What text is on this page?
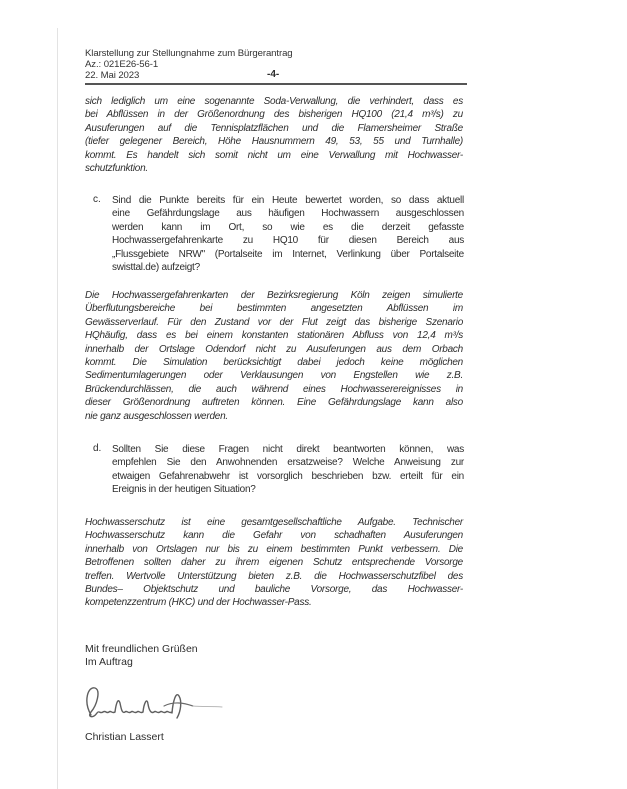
Klarstellung zur Stellungnahme zum Bürgerantrag
Az.: 021E26-56-1
22. Mai 2023	-4-
sich lediglich um eine sogenannte Soda-Verwallung, die verhindert, dass es
bei Abflüssen in der Größenordnung des bisherigen HQ100 (21,4 m³/s) zu
Ausuferungen auf die Tennisplatzflächen und die Flamersheimer Straße
(tiefer gelegener Bereich, Höhe Hausnummern 49, 53, 55 und Turnhalle)
kommt. Es handelt sich somit nicht um eine Verwallung mit Hochwasser-
schutzfunktion.
c. Sind die Punkte bereits für ein Heute bewertet worden, so dass aktuell
eine Gefährdungslage aus häufigen Hochwassern ausgeschlossen
werden kann im Ort, so wie es die derzeit gefasste
Hochwassergefahrenkarte zu HQ10 für diesen Bereich aus
„Flussgebiete NRW" (Portalseite im Internet, Verlinkung über Portalseite
swisttal.de) aufzeigt?
Die Hochwassergefahrenkarten der Bezirksregierung Köln zeigen simulierte
Überflutungsbereiche bei bestimmten angesetzten Abflüssen im
Gewässerverlauf. Für den Zustand vor der Flut zeigt das bisherige Szenario
HQhäufig, dass es bei einem konstanten stationären Abfluss von 12,4 m³/s
innerhalb der Ortslage Odendorf nicht zu Ausuferungen aus dem Orbach
kommt. Die Simulation berücksichtigt dabei jedoch keine möglichen
Sedimentumlagerungen oder Verklausungen von Engstellen wie z.B.
Brückendurchlässen, die auch während eines Hochwasserereignisses in
dieser Größenordnung auftreten können. Eine Gefährdungslage kann also
nie ganz ausgeschlossen werden.
d. Sollten Sie diese Fragen nicht direkt beantworten können, was
empfehlen Sie den Anwohnenden ersatzweise? Welche Anweisung zur
etwaigen Gefahrenabwehr ist vorsorglich beschrieben bzw. erteilt für ein
Ereignis in der heutigen Situation?
Hochwasserschutz ist eine gesamtgesellschaftliche Aufgabe. Technischer
Hochwasserschutz kann die Gefahr von schadhaften Ausuferungen
innerhalb von Ortslagen nur bis zu einem bestimmten Punkt verbessern. Die
Betroffenen sollten daher zu ihrem eigenen Schutz entsprechende Vorsorge
treffen. Wertvolle Unterstützung bieten z.B. die Hochwasserschutzfibel des
Bundes– Objektschutz und bauliche Vorsorge, das Hochwasser-
kompetenzzentrum (HKC) und der Hochwasser-Pass.
Mit freundlichen Grüßen
Im Auftrag
Christian Lassert
